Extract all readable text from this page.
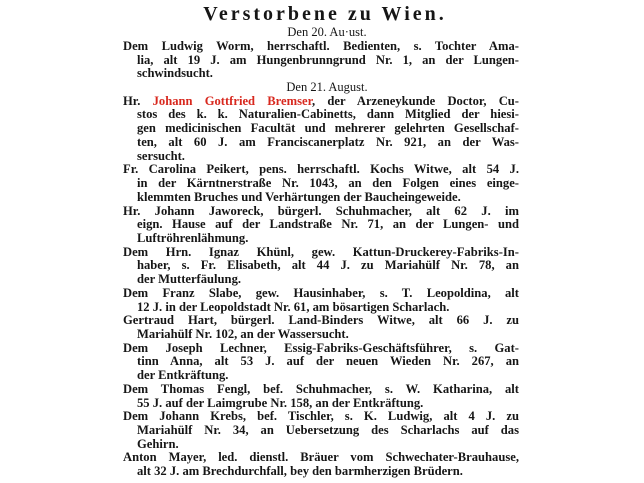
Verstorbene zu Wien.
Den 20. Au·ust.
Dem Ludwig Worm, herrschaftl. Bedienten, s. Tochter Ama-
lia, alt 19 J. am Hungenbrunngrund Nr. 1, an der Lungen-
schwindsucht.
Den 21. August.
Hr. Johann Gottfried Bremser, der Arzeneykunde Doctor, Cu-
stos des k. k. Naturalien-Cabinetts, dann Mitglied der hiesi-
gen medicinischen Facultät und mehrerer gelehrten Gesellschaf-
ten, alt 60 J. am Franciscanerplatz Nr. 921, an der Was-
sersucht.
Fr. Carolina Peikert, pens. herrschaftl. Kochs Witwe, alt 54 J.
in der Kärntnerstraße Nr. 1043, an den Folgen eines einge-
klemmten Bruches und Verhärtungen der Baucheingeweide.
Hr. Johann Jaworeck, bürgerl. Schuhmacher, alt 62 J. im
eign. Hause auf der Landstraße Nr. 71, an der Lungen- und
Luftröhrenlähmung.
Dem Hrn. Ignaz Khünl, gew. Kattun-Druckerey-Fabriks-In-
haber, s. Fr. Elisabeth, alt 44 J. zu Mariahülf Nr. 78, an
der Mutterfäulung.
Dem Franz Slabe, gew. Hausinhaber, s. T. Leopoldina, alt
12 J. in der Leopoldstadt Nr. 61, am bösartigen Scharlach.
Gertraud Hart, bürgerl. Land-Binders Witwe, alt 66 J. zu
Mariahülf Nr. 102, an der Wassersucht.
Dem Joseph Lechner, Essig-Fabriks-Geschäftsführer, s. Gat-
tinn Anna, alt 53 J. auf der neuen Wieden Nr. 267, an
der Entkräftung.
Dem Thomas Fengl, bef. Schuhmacher, s. W. Katharina, alt
55 J. auf der Laimgrube Nr. 158, an der Entkräftung.
Dem Johann Krebs, bef. Tischler, s. K. Ludwig, alt 4 J. zu
Mariahülf Nr. 34, an Uebersetzung des Scharlachs auf das
Gehirn.
Anton Mayer, led. dienstl. Bräuer vom Schwechater-Brauhause,
alt 32 J. am Brechdurchfall, bey den barmherzigen Brüdern.
